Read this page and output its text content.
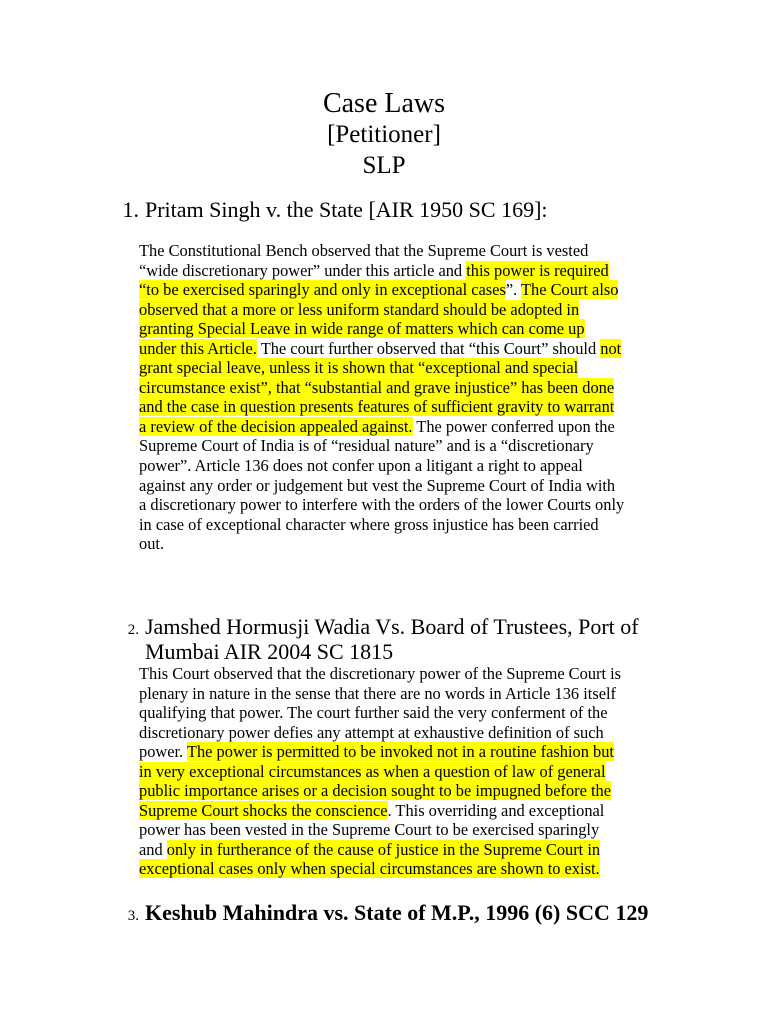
Case Laws
[Petitioner]
SLP
1. Pritam Singh v. the State [AIR 1950 SC 169]:
The Constitutional Bench observed that the Supreme Court is vested
“wide discretionary power” under this article and this power is required
“to be exercised sparingly and only in exceptional cases”. The Court also
observed that a more or less uniform standard should be adopted in
granting Special Leave in wide range of matters which can come up
under this Article. The court further observed that “this Court” should not
grant special leave, unless it is shown that “exceptional and special
circumstance exist”, that “substantial and grave injustice” has been done
and the case in question presents features of sufficient gravity to warrant
a review of the decision appealed against. The power conferred upon the
Supreme Court of India is of “residual nature” and is a “discretionary
power”. Article 136 does not confer upon a litigant a right to appeal
against any order or judgement but vest the Supreme Court of India with
a discretionary power to interfere with the orders of the lower Courts only
in case of exceptional character where gross injustice has been carried
out.
2. Jamshed Hormusji Wadia Vs. Board of Trustees, Port of
Mumbai AIR 2004 SC 1815
This Court observed that the discretionary power of the Supreme Court is
plenary in nature in the sense that there are no words in Article 136 itself
qualifying that power. The court further said the very conferment of the
discretionary power defies any attempt at exhaustive definition of such
power. The power is permitted to be invoked not in a routine fashion but
in very exceptional circumstances as when a question of law of general
public importance arises or a decision sought to be impugned before the
Supreme Court shocks the conscience. This overriding and exceptional
power has been vested in the Supreme Court to be exercised sparingly
and only in furtherance of the cause of justice in the Supreme Court in
exceptional cases only when special circumstances are shown to exist.
3. Keshub Mahindra vs. State of M.P., 1996 (6) SCC 129
